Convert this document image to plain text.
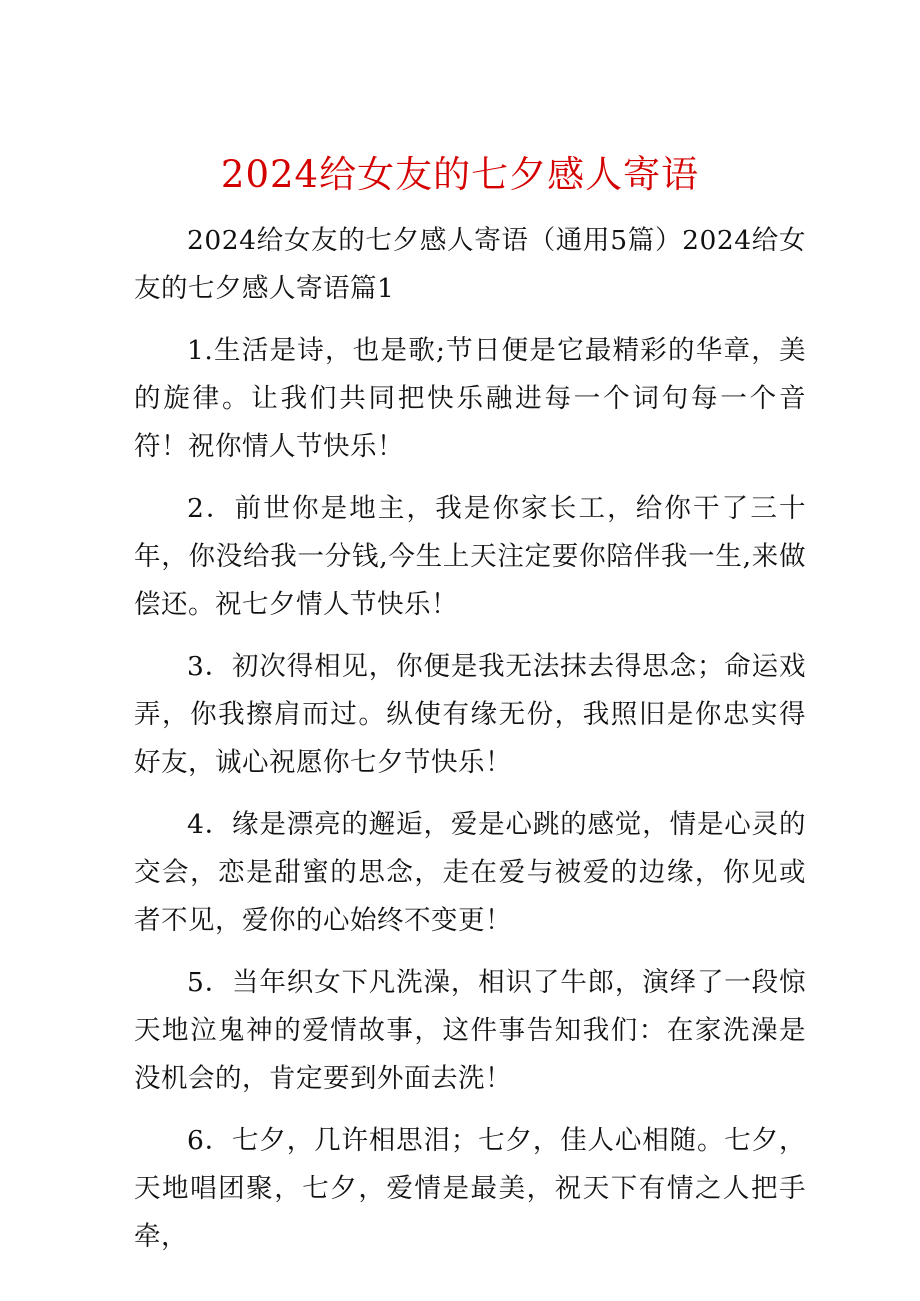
2024给女友的七夕感人寄语

2024给女友的七夕感人寄语（通用5篇）2024给女友的七夕感人寄语篇1

1.生活是诗，也是歌;节日便是它最精彩的华章，美的旋律。让我们共同把快乐融进每一个词句每一个音符！祝你情人节快乐！

2．前世你是地主，我是你家长工，给你干了三十年，你没给我一分钱,今生上天注定要你陪伴我一生,来做偿还。祝七夕情人节快乐！

3．初次得相见，你便是我无法抹去得思念；命运戏弄，你我擦肩而过。纵使有缘无份，我照旧是你忠实得好友，诚心祝愿你七夕节快乐！

4．缘是漂亮的邂逅，爱是心跳的感觉，情是心灵的交会，恋是甜蜜的思念，走在爱与被爱的边缘，你见或者不见，爱你的心始终不变更！

5．当年织女下凡洗澡，相识了牛郎，演绎了一段惊天地泣鬼神的爱情故事，这件事告知我们：在家洗澡是没机会的，肯定要到外面去洗！

6．七夕，几许相思泪；七夕，佳人心相随。七夕，天地唱团聚，七夕，爱情是最美，祝天下有情之人把手牵，
